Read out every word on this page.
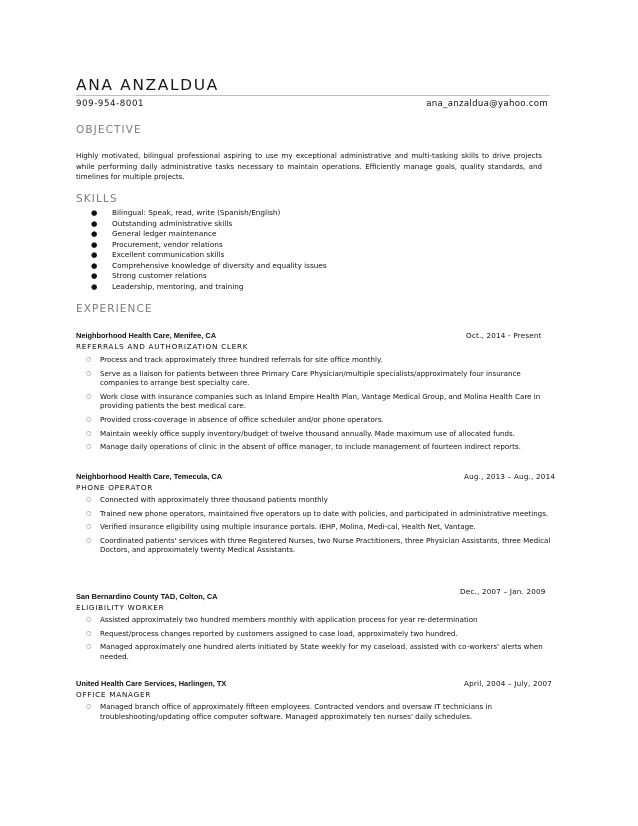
ANA ANZALDUA
909-954-8001	ana_anzaldua@yahoo.com
OBJECTIVE
Highly motivated, bilingual professional aspiring to use my exceptional administrative and multi-tasking skills to drive projects while performing daily administrative tasks necessary to maintain operations. Efficiently manage goals, quality standards, and timelines for multiple projects.
SKILLS
● Bilingual: Speak, read, write (Spanish/English)
● Outstanding administrative skills
● General ledger maintenance
● Procurement, vendor relations
● Excellent communication skills
● Comprehensive knowledge of diversity and equality issues
● Strong customer relations
● Leadership, mentoring, and training
EXPERIENCE
Neighborhood Health Care, Menifee, CA	Oct., 2014 - Present
REFERRALS AND AUTHORIZATION CLERK
○ Process and track approximately three hundred referrals for site office monthly.
○ Serve as a liaison for patients between three Primary Care Physician/multiple specialists/approximately four insurance companies to arrange best specialty care.
○ Work close with insurance companies such as Inland Empire Health Plan, Vantage Medical Group, and Molina Health Care in providing patients the best medical care.
○ Provided cross-coverage in absence of office scheduler and/or phone operators.
○ Maintain weekly office supply inventory/budget of twelve thousand annually. Made maximum use of allocated funds.
○ Manage daily operations of clinic in the absent of office manager, to include management of fourteen indirect reports.
Neighborhood Health Care, Temecula, CA	Aug., 2013 – Aug., 2014
PHONE OPERATOR
○ Connected with approximately three thousand patients monthly
○ Trained new phone operators, maintained five operators up to date with policies, and participated in administrative meetings.
○ Verified insurance eligibility using multiple insurance portals. IEHP, Molina, Medi-cal, Health Net, Vantage.
○ Coordinated patients' services with three Registered Nurses, two Nurse Practitioners, three Physician Assistants, three Medical Doctors, and approximately twenty Medical Assistants.
Dec., 2007 – Jan. 2009
San Bernardino County TAD, Colton, CA
ELIGIBILITY WORKER
○ Assisted approximately two hundred members monthly with application process for year re-determination
○ Request/process changes reported by customers assigned to case load, approximately two hundred.
○ Managed approximately one hundred alerts initiated by State weekly for my caseload, assisted with co-workers' alerts when needed.
United Health Care Services, Harlingen, TX	April, 2004 – July, 2007
OFFICE MANAGER
○ Managed branch office of approximately fifteen employees. Contracted vendors and oversaw IT technicians in troubleshooting/updating office computer software. Managed approximately ten nurses' daily schedules.
